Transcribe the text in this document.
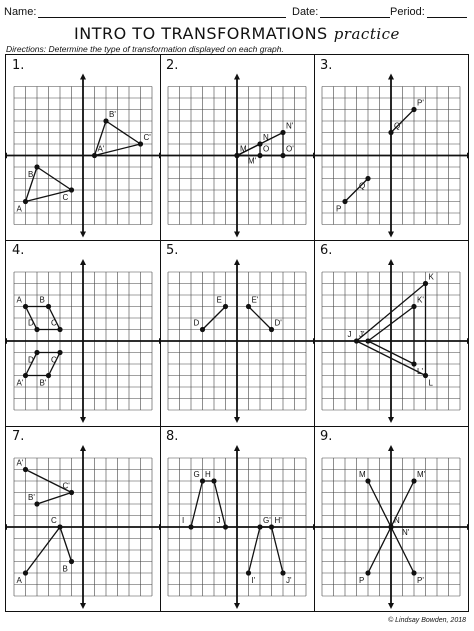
Name:	Date:	Period:
INTRO TO TRANSFORMATIONS practice
Directions: Determine the type of transformation displayed on each graph.
1.
A
B
C
A'
B'
C'
2.
M
N
O
M'
N'
O'
3.
P
Q
Q'
P'
4.
A B
C
D
A' B'
C'
D'
5.
D
E	E'
D'
6.
J
K
L
J'
K'
L'
7.
A
C
B
A'
C'
B'
8.
I
G H
J
I'
G' H'
J'
9.
M
N
P'
M'
N'
P
© Lindsay Bowden, 2018
